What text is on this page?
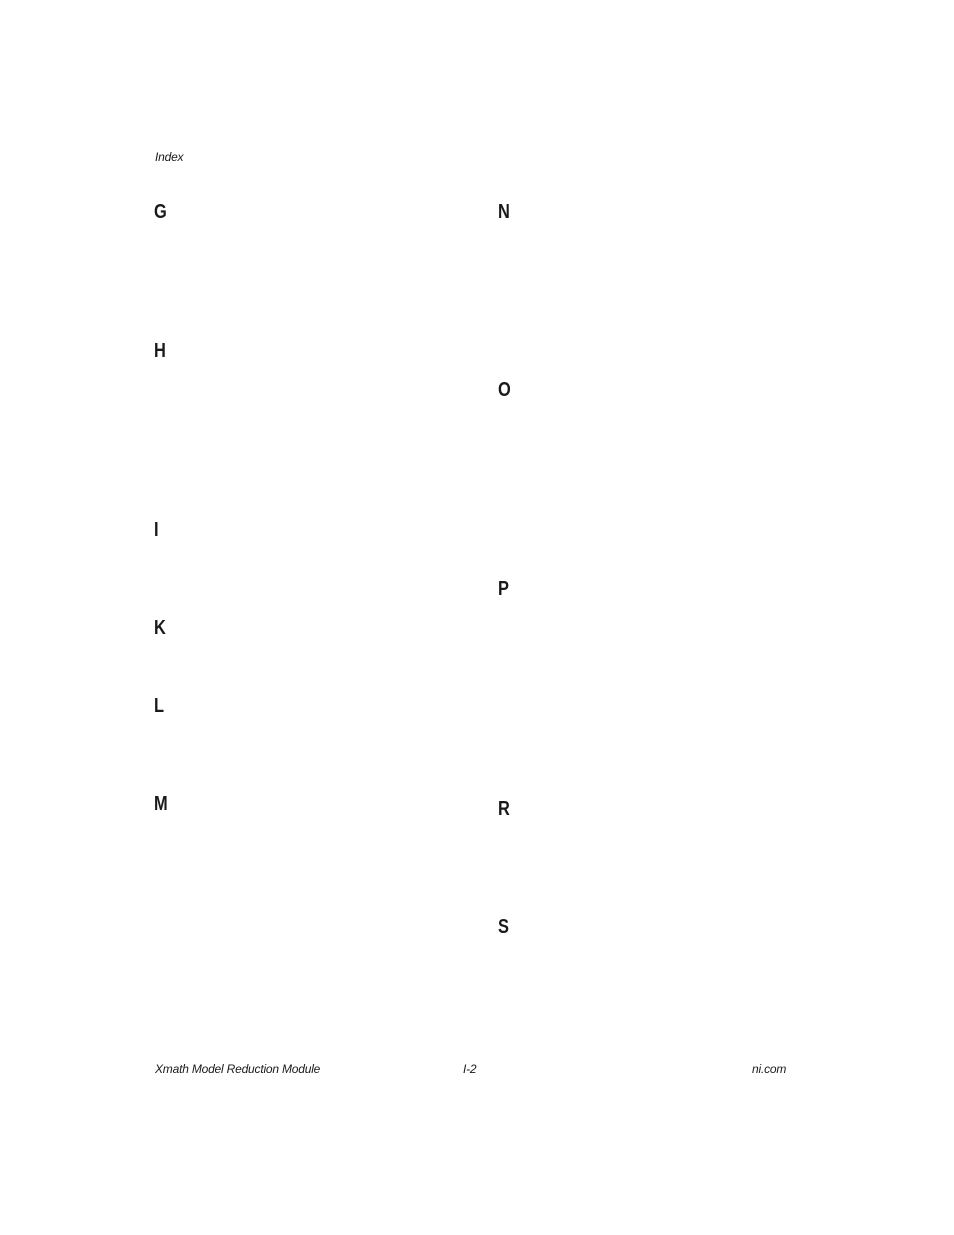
Index
G
H
I
K
L
M
N
O
P
R
S
Xmath Model Reduction Module	I-2	ni.com
